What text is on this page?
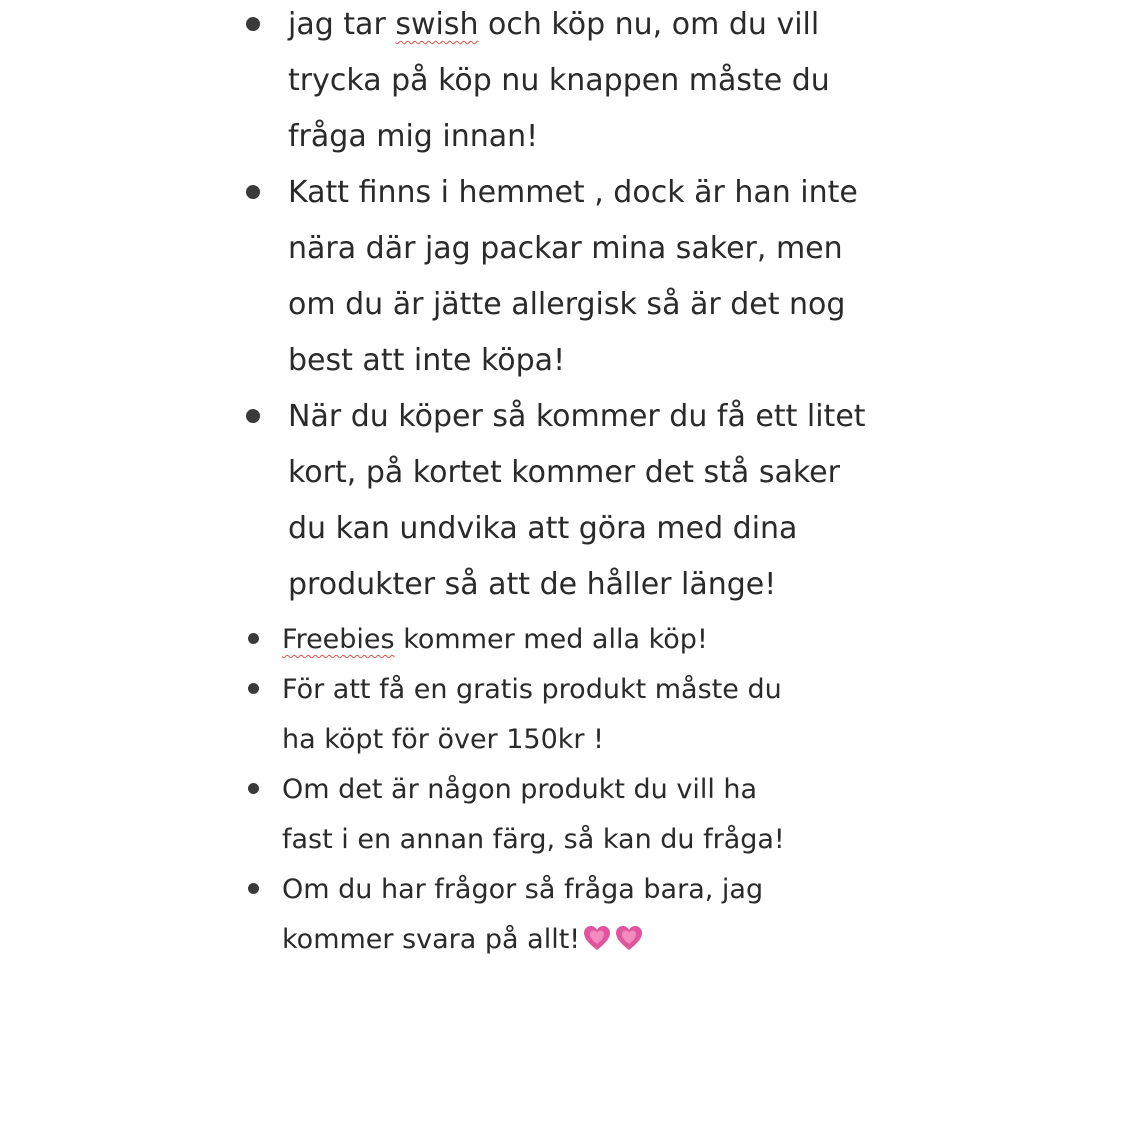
jag tar swish och köp nu, om du vill trycka på köp nu knappen måste du fråga mig innan!
Katt finns i hemmet , dock är han inte nära där jag packar mina saker, men om du är jätte allergisk så är det nog best att inte köpa!
När du köper så kommer du få ett litet kort, på kortet kommer det stå saker du kan undvika att göra med dina produkter så att de håller länge!
Freebies kommer med alla köp!
För att få en gratis produkt måste du ha köpt för över 150kr !
Om det är någon produkt du vill ha fast i en annan färg, så kan du fråga!
Om du har frågor så fråga bara, jag kommer svara på allt!
